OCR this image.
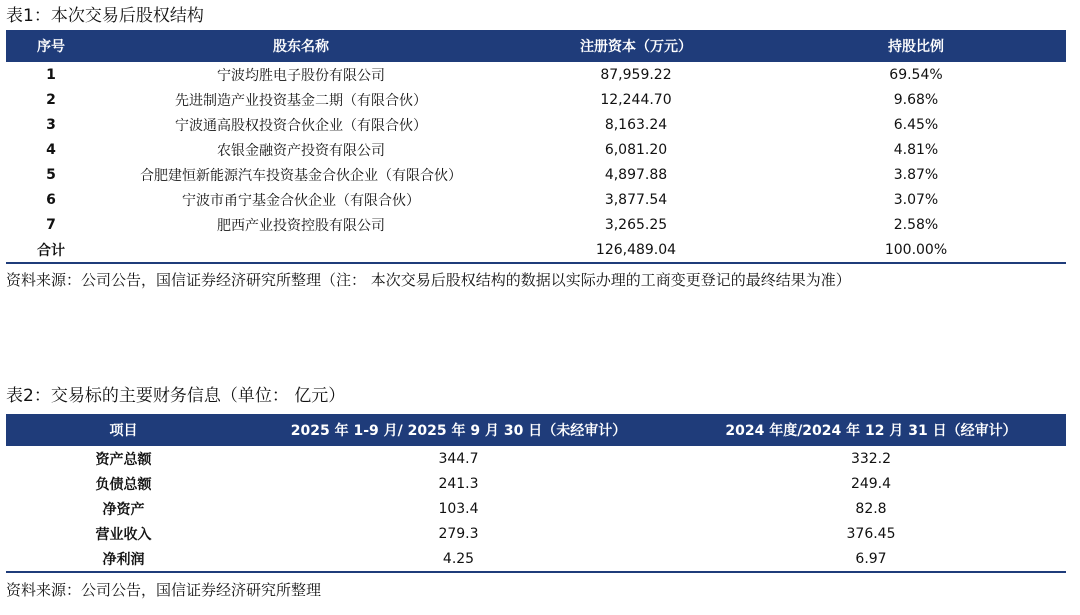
表1：本次交易后股权结构
序号	股东名称	注册资本（万元）	持股比例
1	宁波均胜电子股份有限公司	87,959.22	69.54%
2	先进制造产业投资基金二期（有限合伙）	12,244.70	9.68%
3	宁波通高股权投资合伙企业（有限合伙）	8,163.24	6.45%
4	农银金融资产投资有限公司	6,081.20	4.81%
5	合肥建恒新能源汽车投资基金合伙企业（有限合伙）	4,897.88	3.87%
6	宁波市甬宁基金合伙企业（有限合伙）	3,877.54	3.07%
7	肥西产业投资控股有限公司	3,265.25	2.58%
合计		126,489.04	100.00%
资料来源：公司公告，国信证券经济研究所整理（注： 本次交易后股权结构的数据以实际办理的工商变更登记的最终结果为准）
表2：交易标的主要财务信息（单位： 亿元）
项目	2025 年 1-9 月/ 2025 年 9 月 30 日（未经审计）	2024 年度/2024 年 12 月 31 日（经审计）
资产总额	344.7	332.2
负债总额	241.3	249.4
净资产	103.4	82.8
营业收入	279.3	376.45
净利润	4.25	6.97
资料来源：公司公告，国信证券经济研究所整理
